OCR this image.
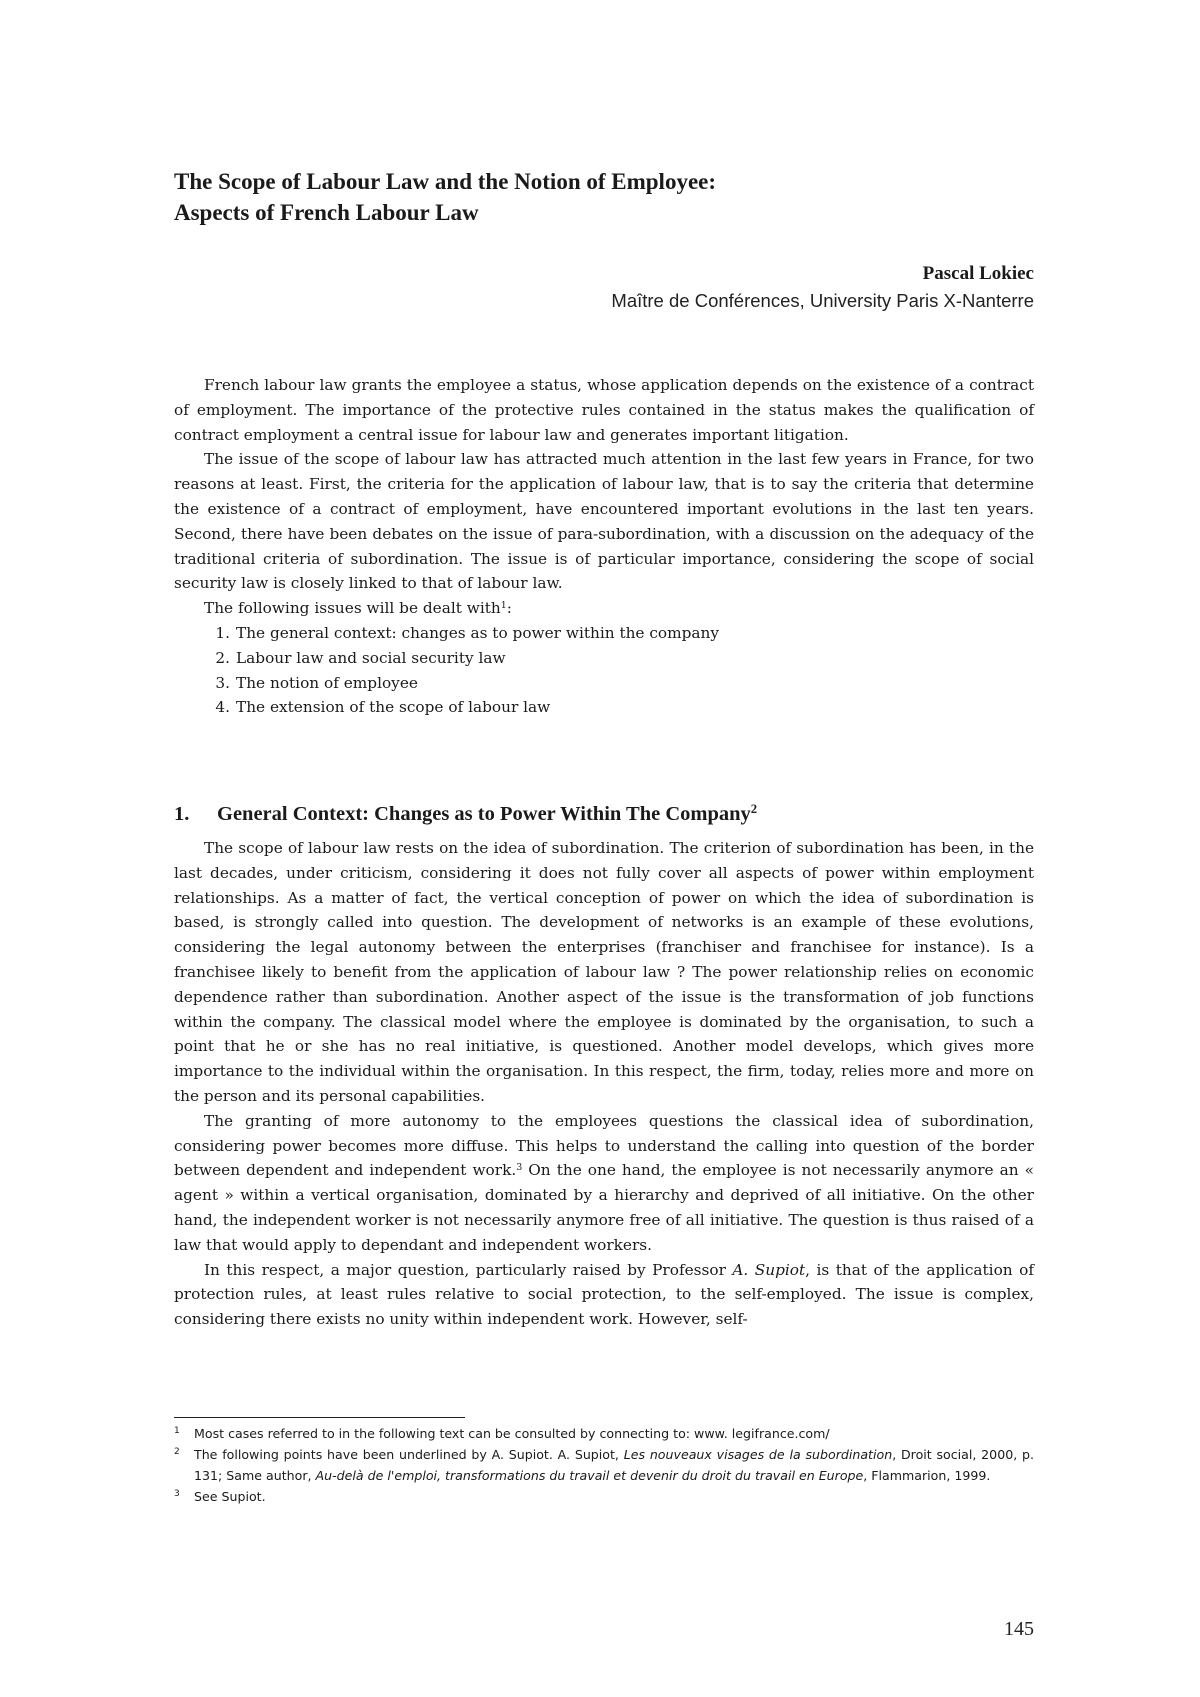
The Scope of Labour Law and the Notion of Employee:
Aspects of French Labour Law
Pascal Lokiec
Maître de Conférences, University Paris X-Nanterre

French labour law grants the employee a status, whose application depends on the existence of a contract of employment. The importance of the protective rules contained in the status makes the qualification of contract employment a central issue for labour law and generates important litigation.

The issue of the scope of labour law has attracted much attention in the last few years in France, for two reasons at least. First, the criteria for the application of labour law, that is to say the criteria that determine the existence of a contract of employment, have encountered important evolutions in the last ten years. Second, there have been debates on the issue of para-subordination, with a discussion on the adequacy of the traditional criteria of subordination. The issue is of particular importance, considering the scope of social security law is closely linked to that of labour law.

The following issues will be dealt with$^1$:

1 . The general context: changes as to power within the company
2 . Labour law and social security law
3 . The notion of employee
4 . The extension of the scope of labour law
1. General Context: Changes as to Power Within The Company$^2$

The scope of labour law rests on the idea of subordination. The criterion of subordination has been, in the last decades, under criticism, considering it does not fully cover all aspects of power within employment relationships. As a matter of fact, the vertical conception of power on which the idea of subordination is based, is strongly called into question. The development of networks is an example of these evolutions, considering the legal autonomy between the enterprises (franchiser and franchisee for instance). Is a franchisee likely to benefit from the application of labour law ? The power relationship relies on economic dependence rather than subordination. Another aspect of the issue is the transformation of job functions within the company. The classical model where the employee is dominated by the organisation, to such a point that he or she has no real initiative, is questioned. Another model develops, which gives more importance to the individual within the organisation. In this respect, the firm, today, relies more and more on the person and its personal capabilities.

The granting of more autonomy to the employees questions the classical idea of subordination, considering power becomes more diffuse. This helps to understand the calling into question of the border between dependent and independent work.$^3$ On the one hand, the employee is not necessarily anymore an « agent » within a vertical organisation, dominated by a hierarchy and deprived of all initiative. On the other hand, the independent worker is not necessarily anymore free of all initiative. The question is thus raised of a law that would apply to dependant and independent workers.

In this respect, a major question, particularly raised by Professor A. Supiot, is that of the application of protection rules, at least rules relative to social protection, to the self-employed. The issue is complex, considering there exists no unity within independent work. However, self-

1 Most cases referred to in the following text can be consulted by connecting to: www. legifrance.com/
2 The following points have been underlined by A. Supiot. A. Supiot, Les nouveaux visages de la subordination, Droit social, 2000, p. 131; Same author, Au-delà de l'emploi, transformations du travail et devenir du droit du travail en Europe, Flammarion, 1999.
3 See Supiot.
145
